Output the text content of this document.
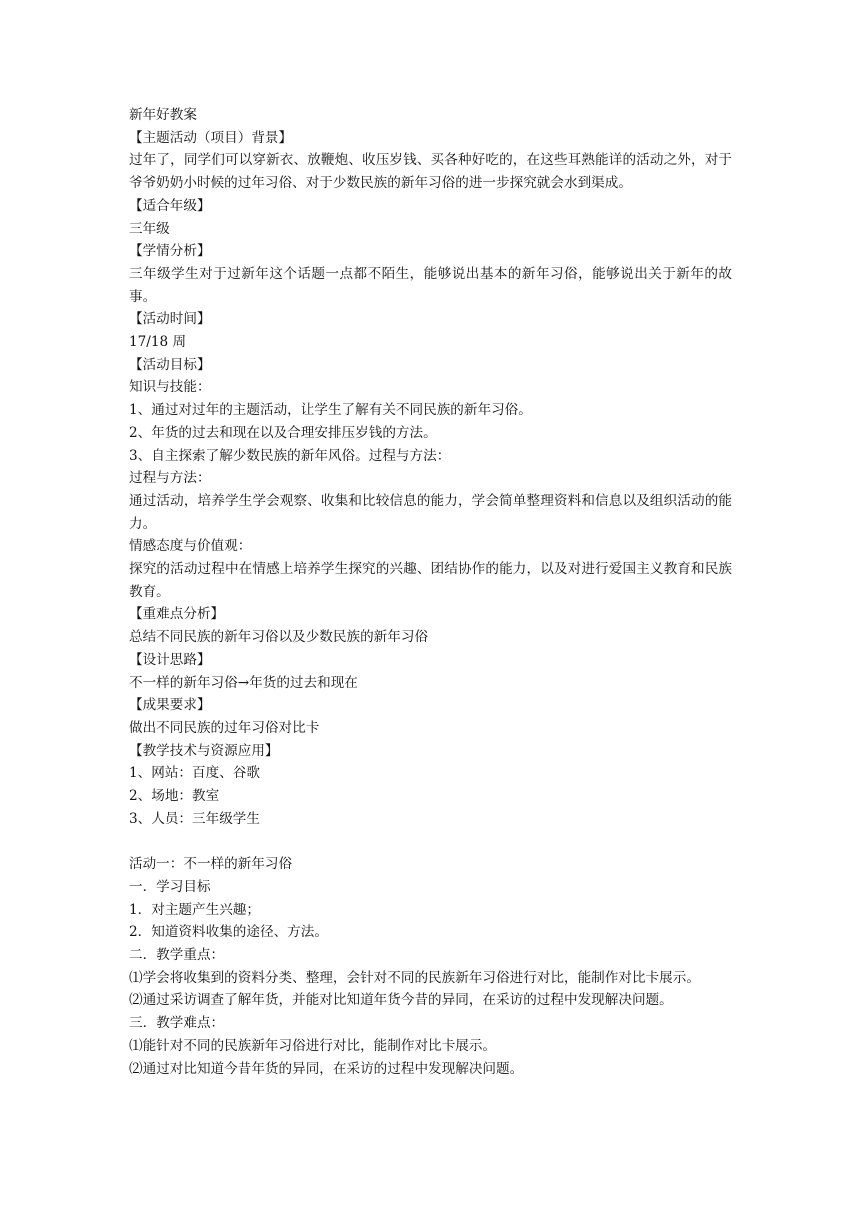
新年好教案
【主题活动（项目）背景】
过年了，同学们可以穿新衣、放鞭炮、收压岁钱、买各种好吃的，在这些耳熟能详的活动之外，对于爷爷奶奶小时候的过年习俗、对于少数民族的新年习俗的进一步探究就会水到渠成。
【适合年级】
三年级
【学情分析】
三年级学生对于过新年这个话题一点都不陌生，能够说出基本的新年习俗，能够说出关于新年的故事。
【活动时间】
17/18 周
【活动目标】
知识与技能：
1、通过对过年的主题活动，让学生了解有关不同民族的新年习俗。
2、年货的过去和现在以及合理安排压岁钱的方法。
3、自主探索了解少数民族的新年风俗。过程与方法：
过程与方法：
通过活动，培养学生学会观察、收集和比较信息的能力，学会简单整理资料和信息以及组织活动的能力。
情感态度与价值观：
探究的活动过程中在情感上培养学生探究的兴趣、团结协作的能力，以及对进行爱国主义教育和民族教育。
【重难点分析】
总结不同民族的新年习俗以及少数民族的新年习俗
【设计思路】
不一样的新年习俗→年货的过去和现在
【成果要求】
做出不同民族的过年习俗对比卡
【教学技术与资源应用】
1、网站：百度、谷歌
2、场地：教室
3、人员：三年级学生
活动一：不一样的新年习俗
一．学习目标
1．对主题产生兴趣；
2．知道资料收集的途径、方法。
二．教学重点：
⑴学会将收集到的资料分类、整理，会针对不同的民族新年习俗进行对比，能制作对比卡展示。
⑵通过采访调查了解年货，并能对比知道年货今昔的异同，在采访的过程中发现解决问题。
三．教学难点：
⑴能针对不同的民族新年习俗进行对比，能制作对比卡展示。
⑵通过对比知道今昔年货的异同，在采访的过程中发现解决问题。
